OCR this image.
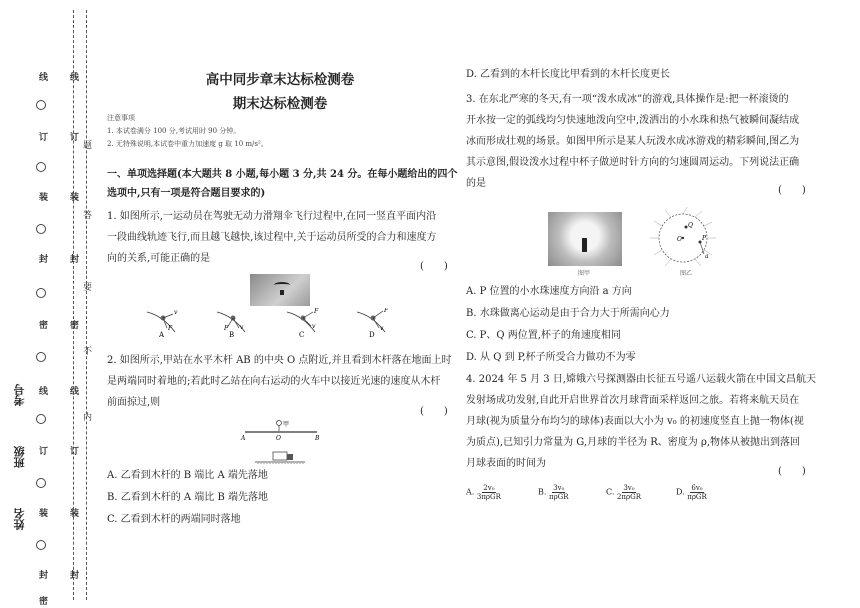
线
订
装
封
密
线
订
装
封
密
线
订
装
封
密
线
订
装
封
题
答
要
不
内
考号
班级
姓名
高中同步章末达标检测卷
期末达标检测卷
注意事项
1. 本试卷满分 100 分,考试用时 90 分钟。
2. 无特殊说明,本试卷中重力加速度 g 取 10 m/s²。
一、单项选择题(本大题共 8 小题,每小题 3 分,共 24 分。在每小题给出的四个
选项中,只有一项是符合题目要求的)
1. 如图所示,一运动员在驾驶无动力滑翔伞飞行过程中,在同一竖直平面内沿
一段曲线轨迹飞行,而且越飞越快,该过程中,关于运动员所受的合力和速度方
向的关系,可能正确的是
(　　)
A
v
F
B
F v
C
F
v
D
F
v
2. 如图所示,甲站在水平木杆 AB 的中央 O 点附近,并且看到木杆落在地面上时
是两端同时着地的;若此时乙站在向右运动的火车中以接近光速的速度从木杆
前面掠过,则
(　　)
甲
A	O	B
A. 乙看到木杆的 B 端比 A 端先落地
B. 乙看到木杆的 A 端比 B 端先落地
C. 乙看到木杆的两端同时落地
D. 乙看到的木杆长度比甲看到的木杆长度更长
3. 在东北严寒的冬天,有一项“泼水成冰”的游戏,具体操作是:把一杯滚烫的
开水按一定的弧线均匀快速地泼向空中,泼洒出的小水珠和热气被瞬间凝结成
冰而形成壮观的场景。如图甲所示是某人玩泼水成冰游戏的精彩瞬间,图乙为
其示意图,假设泼水过程中杯子做逆时针方向的匀速圆周运动。下列说法正确
的是
(　　)
图甲
O
Q
P
a
图乙
A. P 位置的小水珠速度方向沿 a 方向
B. 水珠做离心运动是由于合力大于所需向心力
C. P、Q 两位置,杯子的角速度相同
D. 从 Q 到 P,杯子所受合力做功不为零
4. 2024 年 5 月 3 日,嫦娥六号探测器由长征五号遥八运载火箭在中国文昌航天
发射场成功发射,自此开启世界首次月球背面采样返回之旅。若将来航天员在
月球(视为质量分布均匀的球体)表面以大小为 v₀ 的初速度竖直上抛一物体(视
为质点),已知引力常量为 G,月球的半径为 R、密度为 ρ,物体从被抛出到落回
月球表面的时间为
(　　)
A. $\frac{\text{2v₀}}{\text{3πρGR}}$	B. $\frac{\text{3v₀}}{\text{πρGR}}$	C. $\frac{\text{3v₀}}{\text{2πρGR}}$	D. $\frac{\text{6v₀}}{\text{πρGR}}$
